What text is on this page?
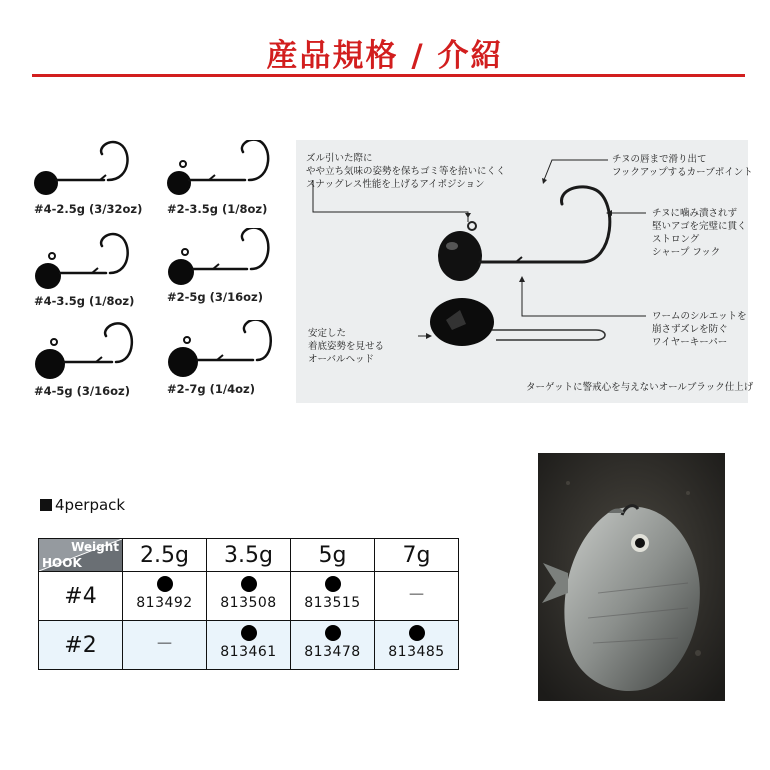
産品規格 / 介紹
#4-2.5g (3/32oz) #2-3.5g (1/8oz)
#4-3.5g (1/8oz)	#2-5g (3/16oz)
#4-5g (3/16oz)	#2-7g (1/4oz)
ズル引いた際に
やや立ち気味の姿勢を保ちゴミ等を拾いにくく
スナッグレス性能を上げるアイポジション
チヌの唇まで滑り出て
フックアップするカーブポイント
チヌに噛み潰されず
堅いアゴを完璧に貫く
ストロング
シャープ フック
ワームのシルエットを
崩さずズレを防ぐ
ワイヤーキーパー
安定した
着底姿勢を見せる
オーバルヘッド
ターゲットに警戒心を与えないオールブラック仕上げ
4perpack
Weight
HOOK	2.5g	3.5g	5g	7g
#4	813492	813508	813515	－

#2	－	813461	813478	813485
